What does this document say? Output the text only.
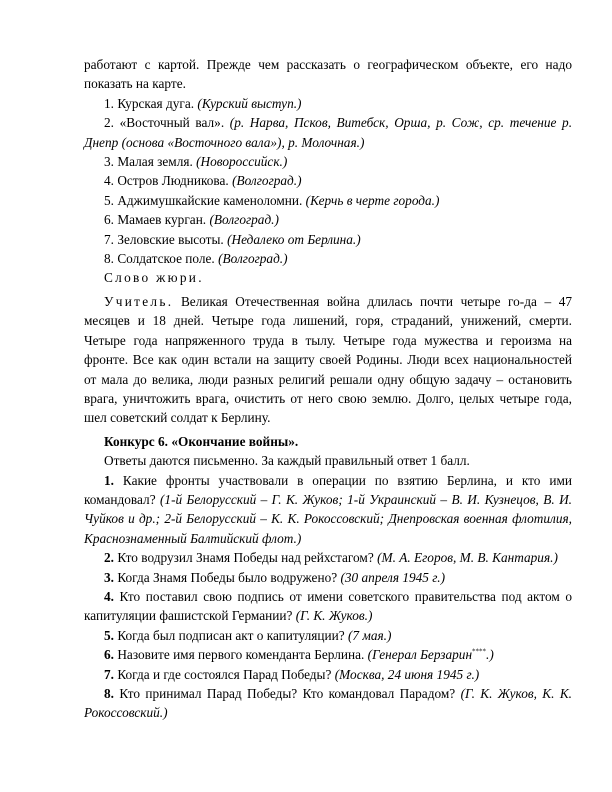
работают с картой. Прежде чем рассказать о географическом объекте, его надо показать на карте.

1. Курская дуга. (Курский выступ.)

2. «Восточный вал». (р. Нарва, Псков, Витебск, Орша, р. Сож, ср. течение р. Днепр (основа «Восточного вала»), р. Молочная.)

3. Малая земля. (Новороссийск.)

4. Остров Людникова. (Волгоград.)

5. Аджимушкайские каменоломни. (Керчь в черте города.)

6. Мамаев курган. (Волгоград.)

7. Зеловские высоты. (Недалеко от Берлина.)

8. Солдатское поле. (Волгоград.)

Слово жюри.

Учитель. Великая Отечественная война длилась почти четыре го-да – 47 месяцев и 18 дней. Четыре года лишений, горя, страданий, унижений, смерти. Четыре года напряженного труда в тылу. Четыре года мужества и героизма на фронте. Все как один встали на защиту своей Родины. Люди всех национальностей от мала до велика, люди разных религий решали одну общую задачу – остановить врага, уничтожить врага, очистить от него свою землю. Долго, целых четыре года, шел советский солдат к Берлину.

Конкурс 6. «Окончание войны».

Ответы даются письменно. За каждый правильный ответ 1 балл.

1. Какие фронты участвовали в операции по взятию Берлина, и кто ими командовал? (1-й Белорусский – Г. К. Жуков; 1-й Украинский – В. И. Кузнецов, В. И. Чуйков и др.; 2-й Белорусский – К. К. Рокоссовский; Днепровская военная флотилия, Краснознаменный Балтийский флот.)

2. Кто водрузил Знамя Победы над рейхстагом? (М. А. Егоров, М. В. Кантария.)

3. Когда Знамя Победы было водружено? (30 апреля 1945 г.)

4. Кто поставил свою подпись от имени советского правительства под актом о капитуляции фашистской Германии? (Г. К. Жуков.)

5. Когда был подписан акт о капитуляции? (7 мая.)

6. Назовите имя первого коменданта Берлина. (Генерал Берзарин****.)

7. Когда и где состоялся Парад Победы? (Москва, 24 июня 1945 г.)

8. Кто принимал Парад Победы? Кто командовал Парадом? (Г. К. Жуков, К. К. Рокоссовский.)
